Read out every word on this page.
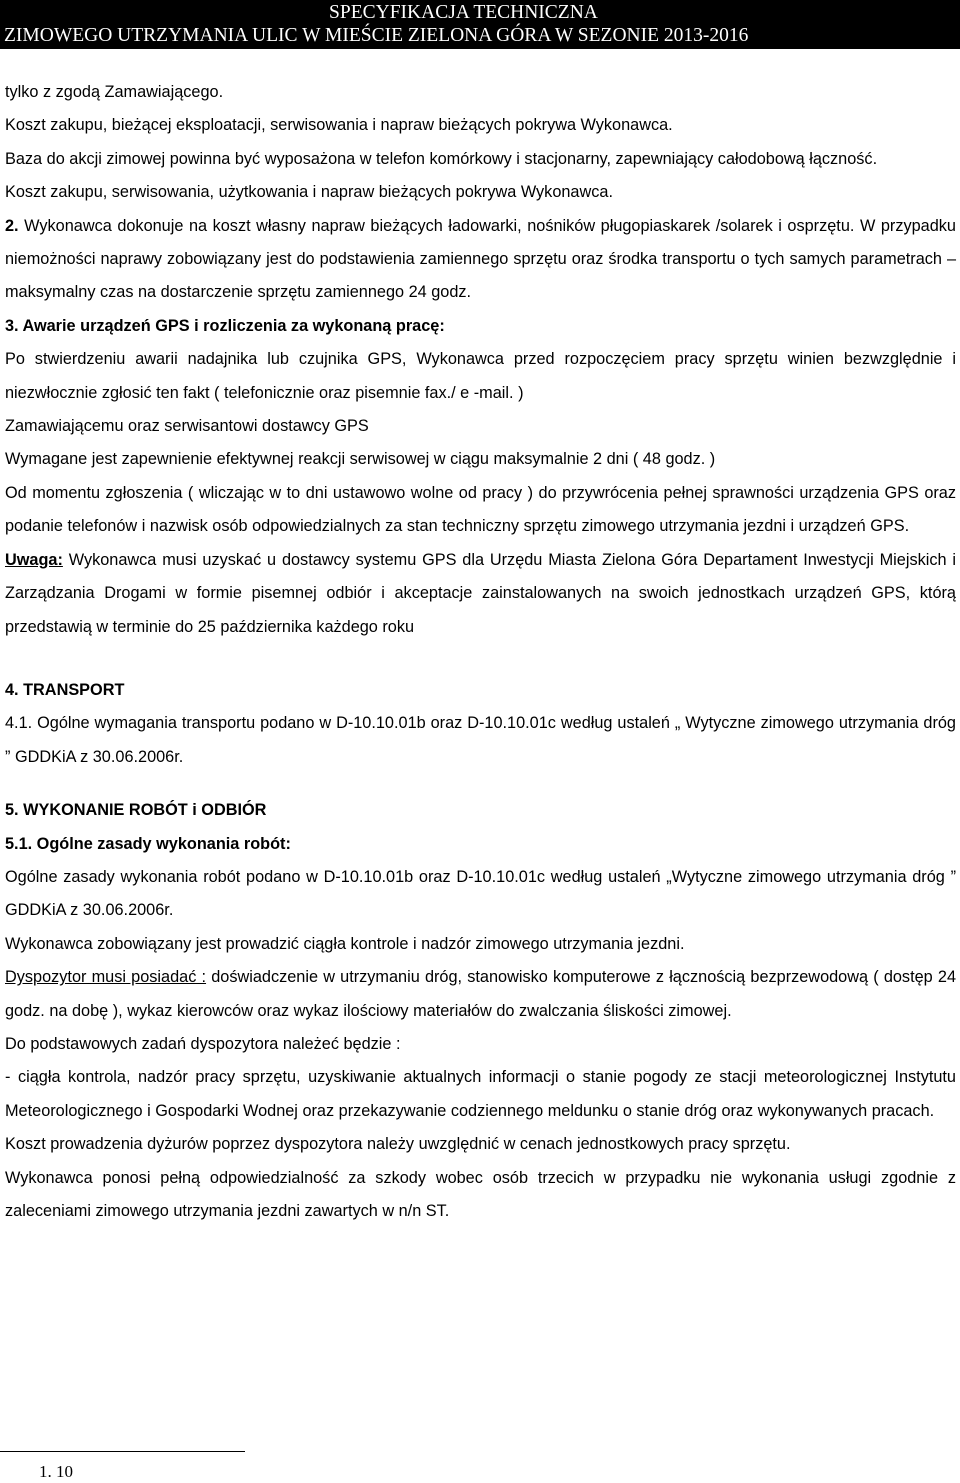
SPECYFIKACJA TECHNICZNA
ZIMOWEGO UTRZYMANIA ULIC W MIEŚCIE ZIELONA GÓRA W SEZONIE 2013-2016

tylko z zgodą Zamawiającego.

Koszt zakupu, bieżącej eksploatacji, serwisowania i napraw bieżących pokrywa Wykonawca.

Baza do akcji zimowej powinna być wyposażona w telefon komórkowy i stacjonarny, zapewniający całodobową łączność.

Koszt zakupu, serwisowania, użytkowania i napraw bieżących pokrywa Wykonawca.

2. Wykonawca dokonuje na koszt własny napraw bieżących ładowarki, nośników pługopiaskarek /solarek i osprzętu. W przypadku niemożności naprawy zobowiązany jest do podstawienia zamiennego sprzętu oraz środka transportu o tych samych parametrach – maksymalny czas na dostarczenie sprzętu zamiennego 24 godz.

3. Awarie urządzeń GPS i rozliczenia za wykonaną pracę:

Po stwierdzeniu awarii nadajnika lub czujnika GPS, Wykonawca przed rozpoczęciem pracy sprzętu winien bezwzględnie i niezwłocznie zgłosić ten fakt ( telefonicznie oraz pisemnie fax./ e -mail. )

Zamawiającemu oraz serwisantowi dostawcy GPS

Wymagane jest zapewnienie efektywnej reakcji serwisowej w ciągu maksymalnie 2 dni ( 48 godz. )

Od momentu zgłoszenia ( wliczając w to dni ustawowo wolne od pracy ) do przywrócenia pełnej sprawności urządzenia GPS oraz podanie telefonów i nazwisk osób odpowiedzialnych za stan techniczny sprzętu zimowego utrzymania jezdni i urządzeń GPS.

Uwaga: Wykonawca musi uzyskać u dostawcy systemu GPS dla Urzędu Miasta Zielona Góra Departament Inwestycji Miejskich i Zarządzania Drogami w formie pisemnej odbiór i akceptacje zainstalowanych na swoich jednostkach urządzeń GPS, którą przedstawią w terminie do 25 października każdego roku

4. TRANSPORT

4.1. Ogólne wymagania transportu podano w D-10.10.01b oraz D-10.10.01c według ustaleń „ Wytyczne zimowego utrzymania dróg ” GDDKiA z 30.06.2006r.

5. WYKONANIE ROBÓT i ODBIÓR

5.1. Ogólne zasady wykonania robót:

Ogólne zasady wykonania robót podano w D-10.10.01b oraz D-10.10.01c według ustaleń „Wytyczne zimowego utrzymania dróg ” GDDKiA z 30.06.2006r.

Wykonawca zobowiązany jest prowadzić ciągła kontrole i nadzór zimowego utrzymania jezdni.

Dyspozytor musi posiadać : doświadczenie w utrzymaniu dróg, stanowisko komputerowe z łącznością bezprzewodową ( dostęp 24 godz. na dobę ), wykaz kierowców oraz wykaz ilościowy materiałów do zwalczania śliskości zimowej.

Do podstawowych zadań dyspozytora należeć będzie :

- ciągła kontrola, nadzór pracy sprzętu, uzyskiwanie aktualnych informacji o stanie pogody ze stacji meteorologicznej Instytutu Meteorologicznego i Gospodarki Wodnej oraz przekazywanie codziennego meldunku o stanie dróg oraz wykonywanych pracach.

Koszt prowadzenia dyżurów poprzez dyspozytora należy uwzględnić w cenach jednostkowych pracy sprzętu.

Wykonawca ponosi pełną odpowiedzialność za szkody wobec osób trzecich w przypadku nie wykonania usługi zgodnie z zaleceniami zimowego utrzymania jezdni zawartych w n/n ST.

1. 10
